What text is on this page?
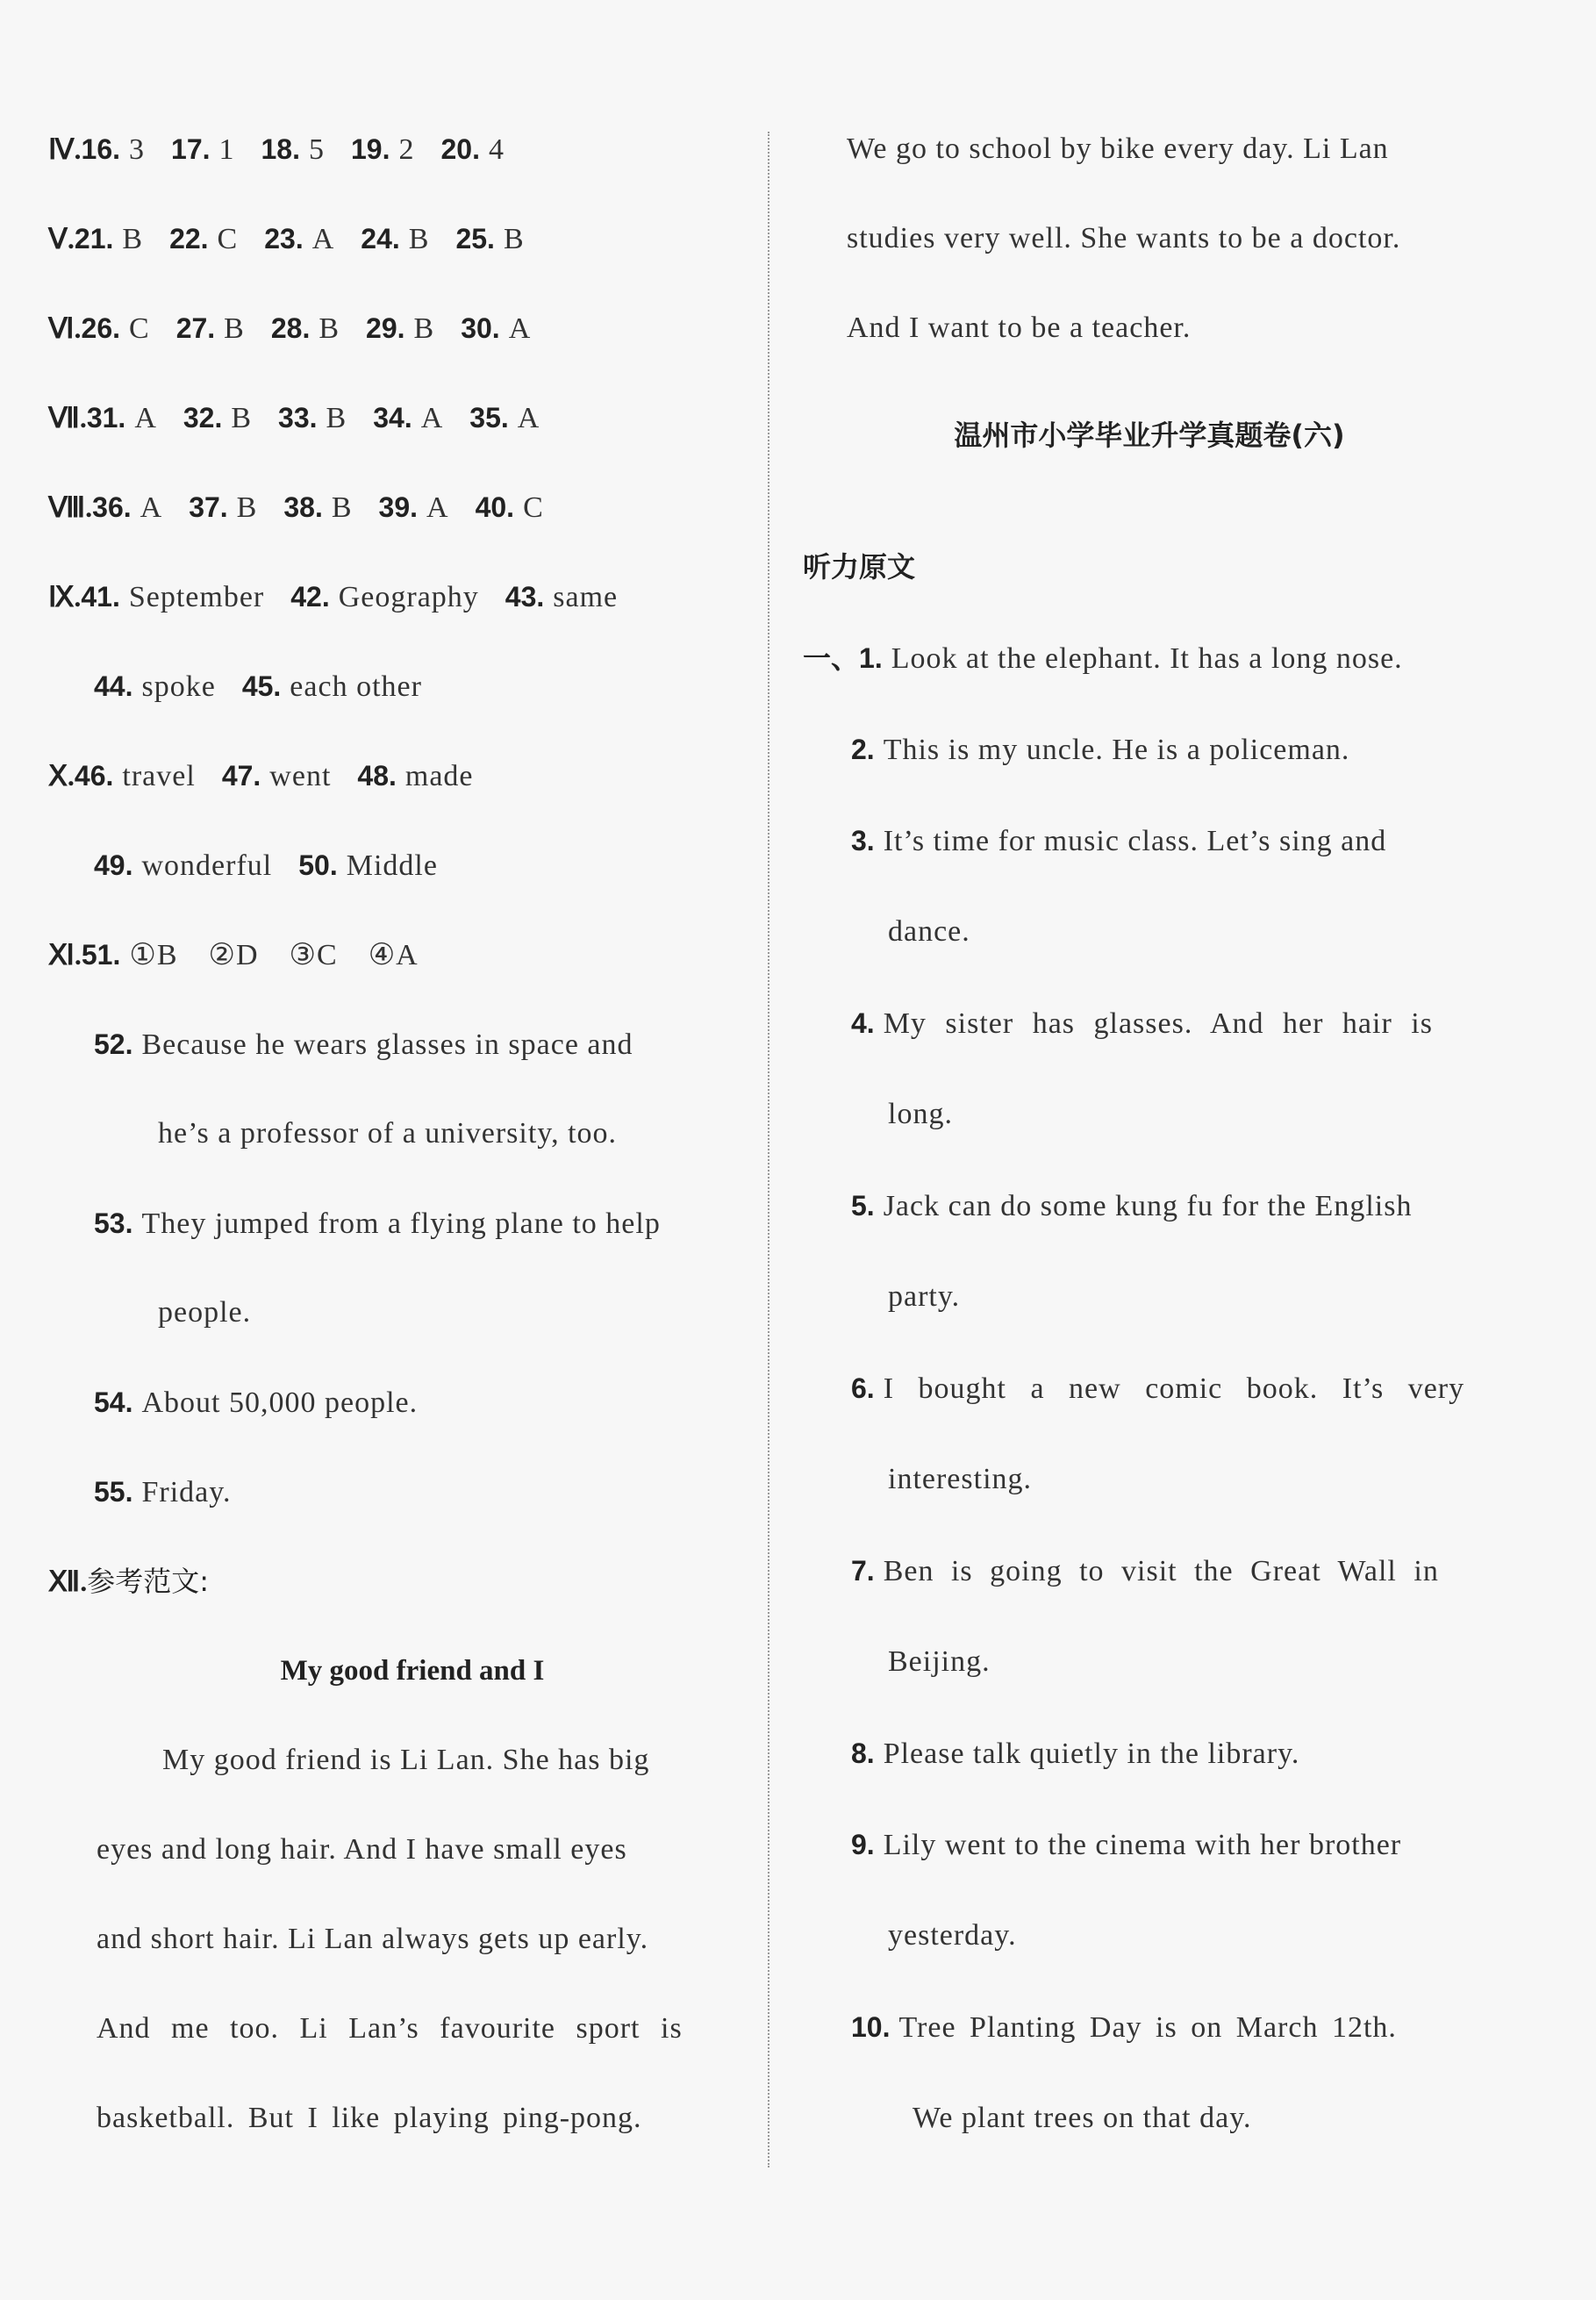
Ⅳ.16. 3 17. 1 18. 5 19. 2 20. 4
Ⅴ.21. B 22. C 23. A 24. B 25. B
Ⅵ.26. C 27. B 28. B 29. B 30. A
Ⅶ.31. A 32. B 33. B 34. A 35. A
Ⅷ.36. A 37. B 38. B 39. A 40. C
Ⅸ.41. September 42. Geography 43. same
44. spoke 45. each other
Ⅹ.46. travel 47. went 48. made
49. wonderful 50. Middle
Ⅺ.51. ①B　②D　③C　④A
52. Because he wears glasses in space and
he’s a professor of a university, too.
53. They jumped from a flying plane to help
people.
54. About 50,000 people.
55. Friday.
Ⅻ.参考范文:
My good friend and I
My good friend is Li Lan. She has big
eyes and long hair. And I have small eyes
and short hair. Li Lan always gets up early.
And me too. Li Lan’s favourite sport is
basketball. But I like playing ping-pong.
We go to school by bike every day. Li Lan
studies very well. She wants to be a doctor.
And I want to be a teacher.
温州市小学毕业升学真题卷(六)
听力原文
一、1. Look at the elephant. It has a long nose.
2. This is my uncle. He is a policeman.
3. It’s time for music class. Let’s sing and
dance.
4. My sister has glasses. And her hair is
long.
5. Jack can do some kung fu for the English
party.
6. I bought a new comic book. It’s very
interesting.
7. Ben is going to visit the Great Wall in
Beijing.
8. Please talk quietly in the library.
9. Lily went to the cinema with her brother
yesterday.
10. Tree Planting Day is on March 12th.
We plant trees on that day.
